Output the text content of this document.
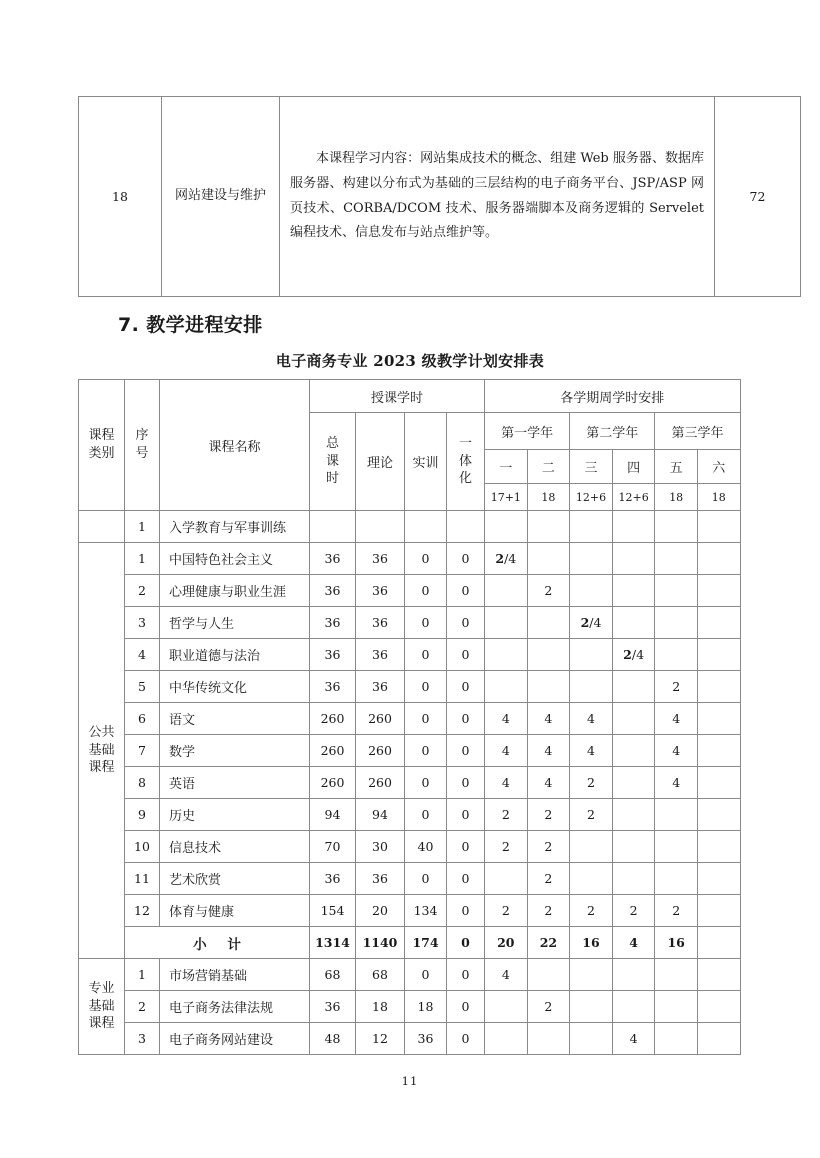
18	网站建设与维护	本课程学习内容：网站集成技术的概念、组建 Web 服务器、数据库服务器、构建以分布式为基础的三层结构的电子商务平台、JSP/ASP 网页技术、CORBA/DCOM 技术、服务器端脚本及商务逻辑的 Servelet 编程技术、信息发布与站点维护等。	72
7. 教学进程安排
电子商务专业 2023 级教学计划安排表
课程
类别	序
号	课程名称	授课学时				各学期周学时安排					

			总
课
时	理论	实训	一
体
化	第一学年		第二学年		第三学年	
							一	二	三	四	五	六
							17+1	18	12+6	12+6	18	18
	1	入学教育与军事训练										

公共
基础
课程	1	中国特色社会主义	36	36	0	0	2/4					
	2	心理健康与职业生涯	36	36	0	0		2				
	3	哲学与人生	36	36	0	0			2/4			
	4	职业道德与法治	36	36	0	0				2/4		
	5	中华传统文化	36	36	0	0					2	
	6	语文	260	260	0	0	4	4	4		4	
	7	数学	260	260	0	0	4	4	4		4	
	8	英语	260	260	0	0	4	4	2		4	
	9	历史	94	94	0	0	2	2	2			
	10	信息技术	70	30	40	0	2	2				
	11	艺术欣赏	36	36	0	0		2				
	12	体育与健康	154	20	134	0	2	2	2	2	2	
	小 计		1314	1140	174	0	20	22	16	4	16	

专业
基础
课程	1	市场营销基础	68	68	0	0	4					
	2	电子商务法律法规	36	18	18	0		2				
	3	电子商务网站建设	48	12	36	0				4		
11
